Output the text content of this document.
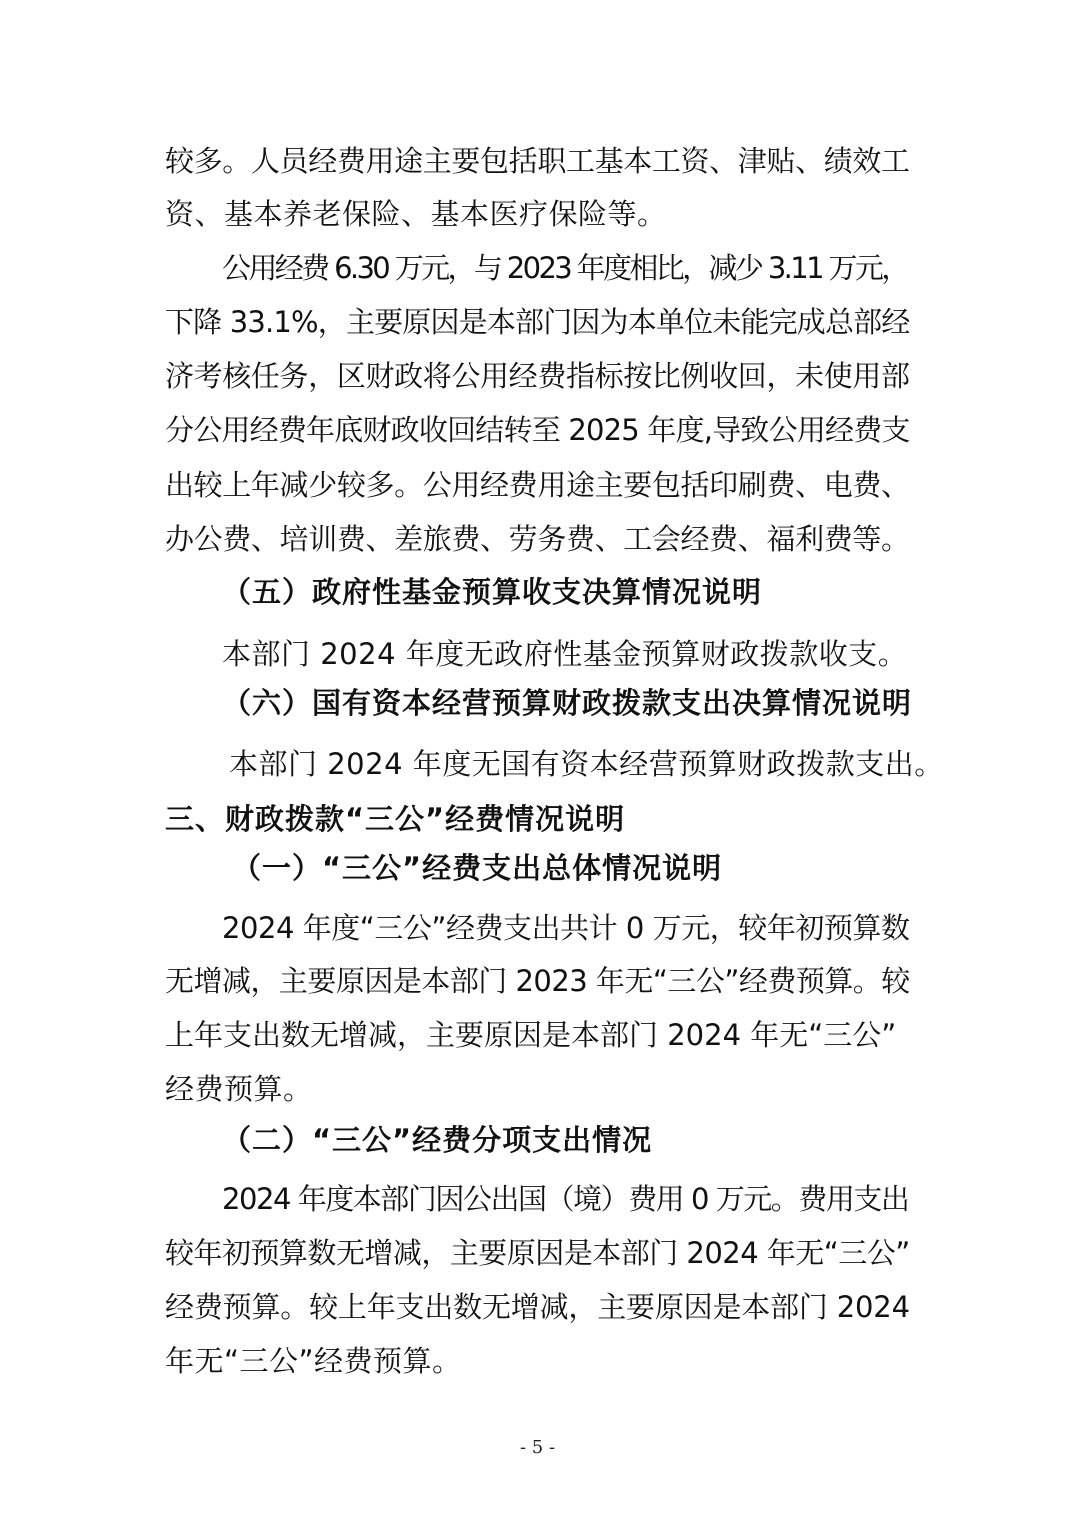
较多。人员经费用途主要包括职工基本工资、津贴、绩效工
资、基本养老保险、基本医疗保险等。
公用经费 6.30 万元，与 2023 年度相比，减少 3.11 万元，
下降 33.1%，主要原因是本部门因为本单位未能完成总部经
济考核任务，区财政将公用经费指标按比例收回，未使用部
分公用经费年底财政收回结转至 2025 年度,导致公用经费支
出较上年减少较多。公用经费用途主要包括印刷费、电费、
办公费、培训费、差旅费、劳务费、工会经费、福利费等。
（五）政府性基金预算收支决算情况说明
本部门 2024 年度无政府性基金预算财政拨款收支。
（六）国有资本经营预算财政拨款支出决算情况说明
本部门 2024 年度无国有资本经营预算财政拨款支出。
三、财政拨款“三公”经费情况说明
（一）“三公”经费支出总体情况说明
2024 年度“三公”经费支出共计 0 万元，较年初预算数
无增减，主要原因是本部门 2023 年无“三公”经费预算。较
上年支出数无增减，主要原因是本部门 2024 年无“三公”
经费预算。
（二）“三公”经费分项支出情况
2024 年度本部门因公出国（境）费用 0 万元。费用支出
较年初预算数无增减，主要原因是本部门 2024 年无“三公”
经费预算。较上年支出数无增减，主要原因是本部门 2024
年无“三公”经费预算。
- 5 -
